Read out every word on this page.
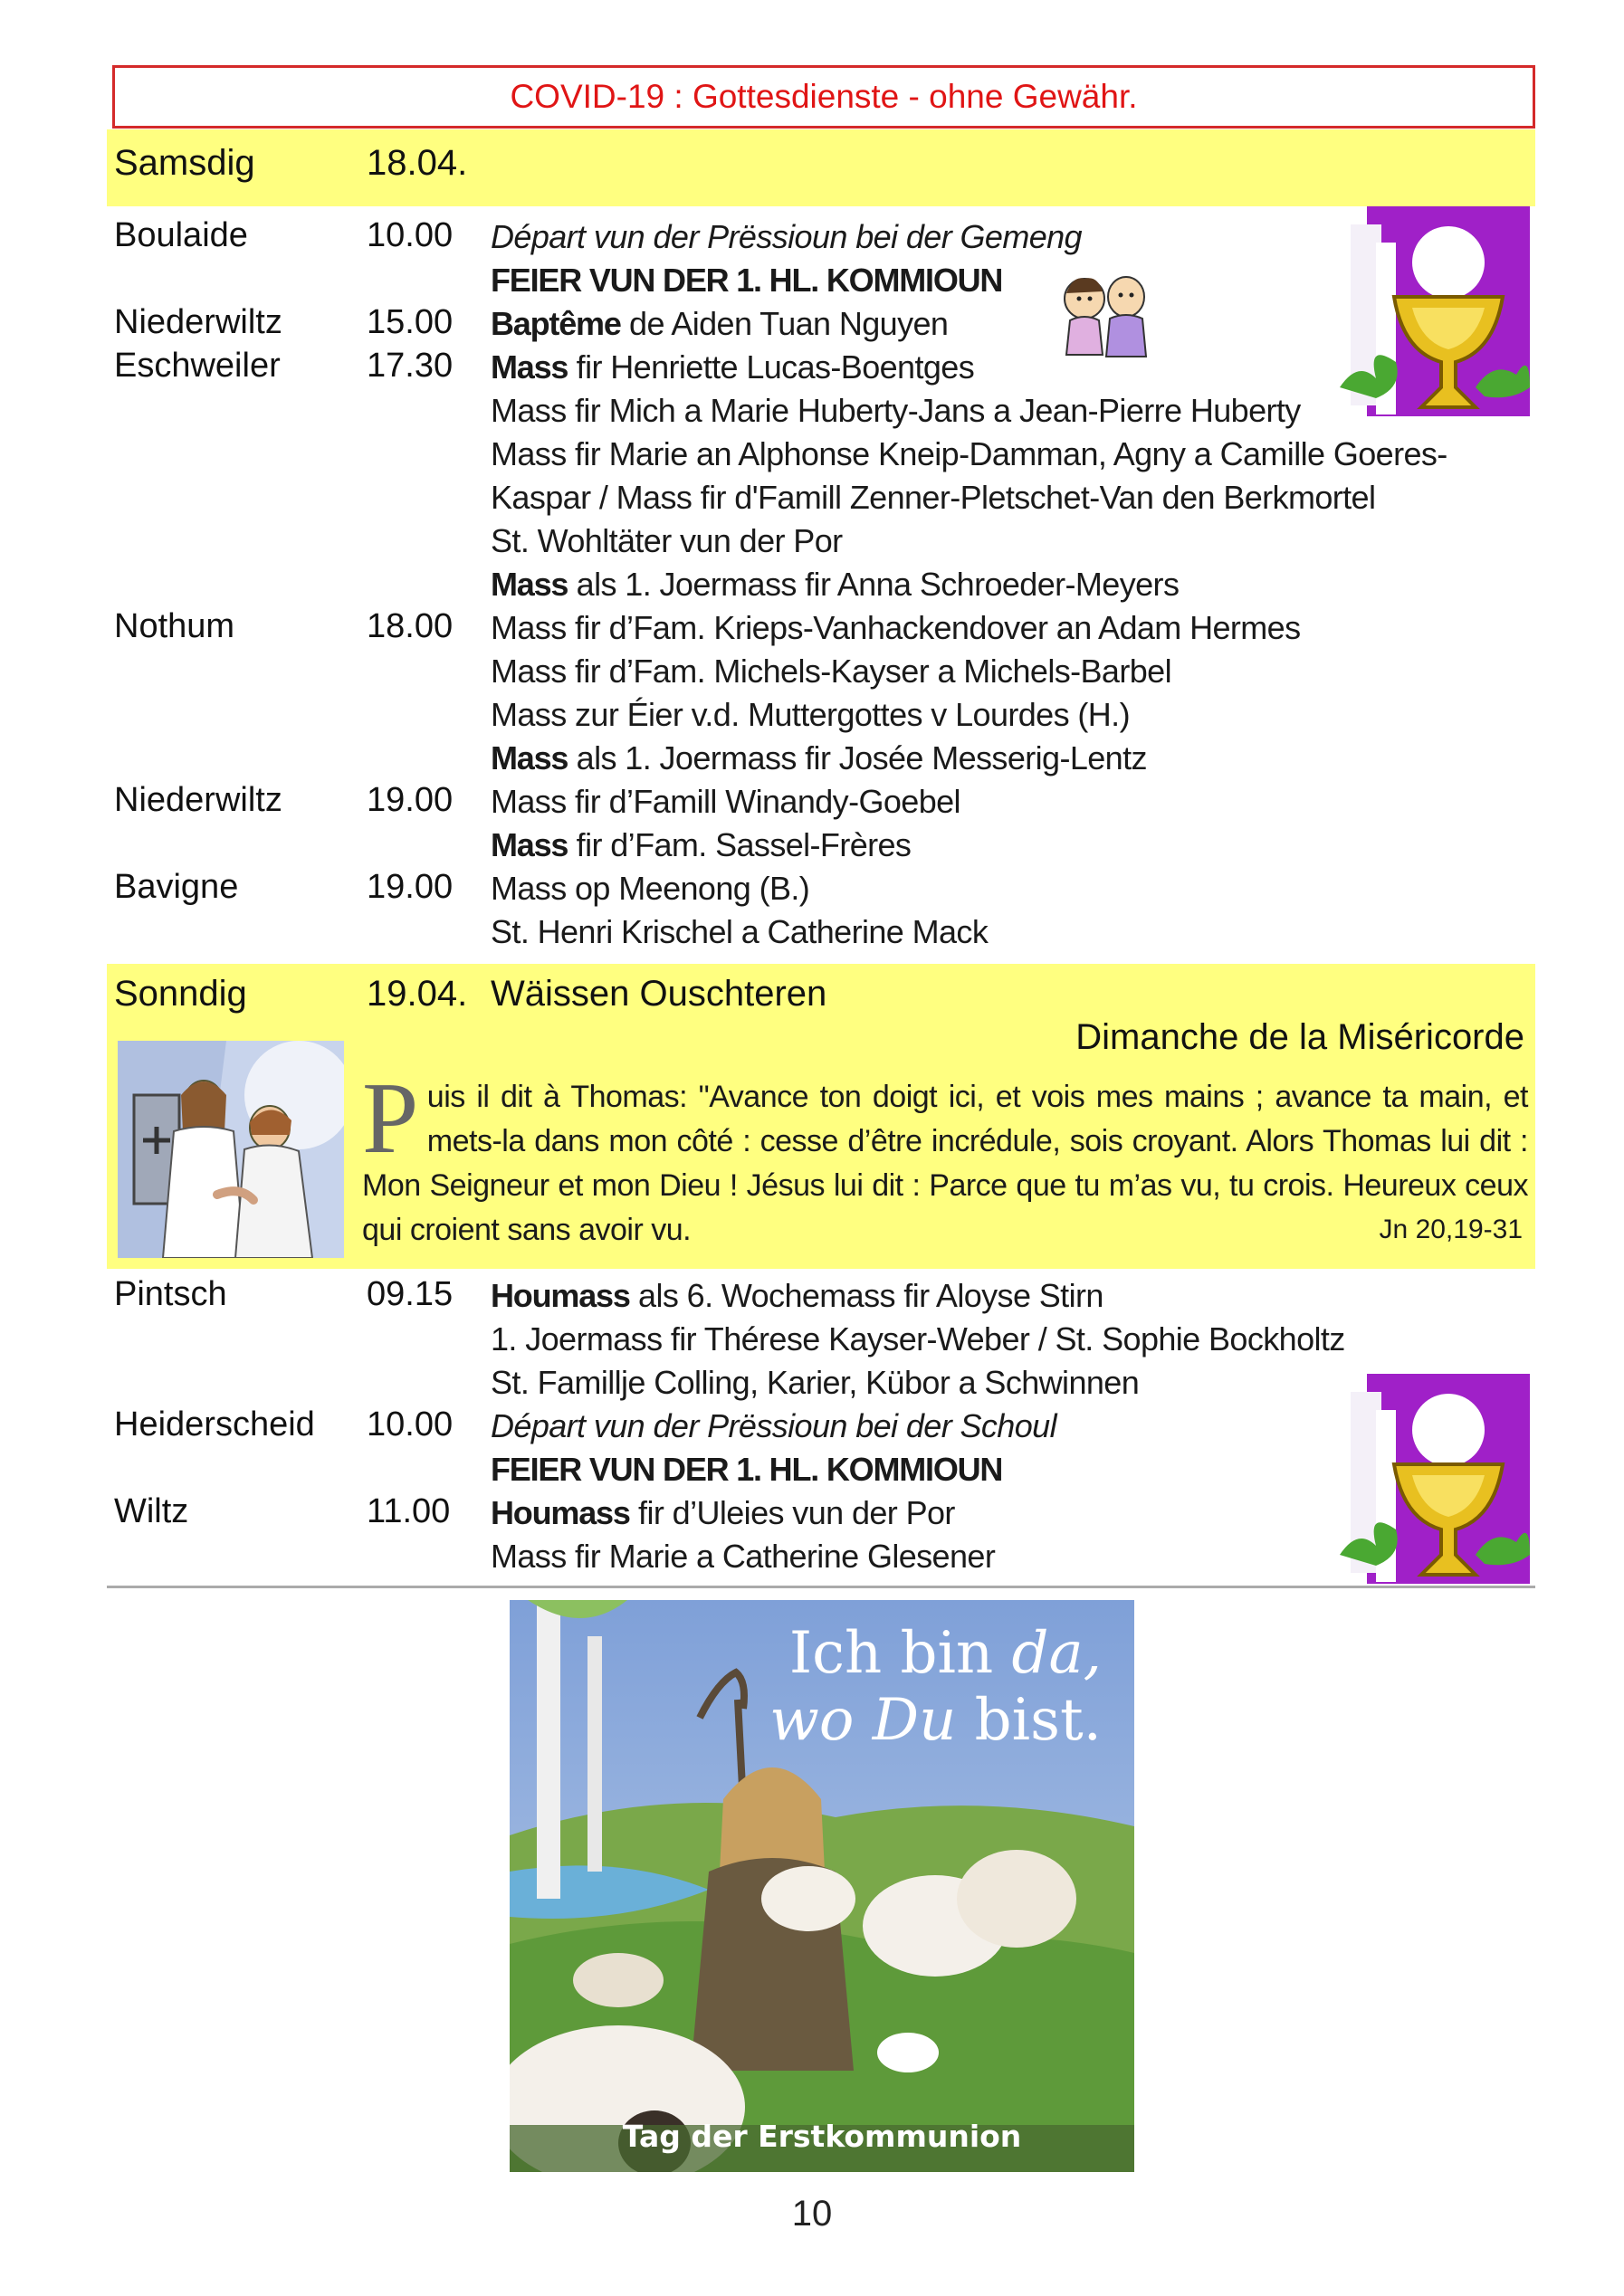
COVID-19 : Gottesdienste - ohne Gewähr.
Samsdig	18.04.
Boulaide	10.00 Départ vun der Prëssioun bei der Gemeng
FEIER VUN DER 1. HL. KOMMIOUN
Niederwiltz 15.00 Baptême de Aiden Tuan Nguyen
Eschweiler	17.30 Mass fir Henriette Lucas-Boentges
Mass fir Mich a Marie Huberty-Jans a Jean-Pierre Huberty
Mass fir Marie an Alphonse Kneip-Damman, Agny a Camille Goeres-
Kaspar / Mass fir d'Famill Zenner-Pletschet-Van den Berkmortel
St. Wohltäter vun der Por
Mass als 1. Joermass fir Anna Schroeder-Meyers
Nothum	18.00 Mass fir d’Fam. Krieps-Vanhackendover an Adam Hermes
Mass fir d’Fam. Michels-Kayser a Michels-Barbel
Mass zur Éier v.d. Muttergottes v Lourdes (H.)
Mass als 1. Joermass fir Josée Messerig-Lentz
Niederwiltz 19.00 Mass fir d’Famill Winandy-Goebel
Mass fir d’Fam. Sassel-Frères
Bavigne	19.00 Mass op Meenong (B.)
St. Henri Krischel a Catherine Mack
Sonndig	19.04. Wäissen Ouschteren
Dimanche de la Miséricorde
Puis il dit à Thomas: "Avance ton doigt ici, et vois mes mains ; avance ta main, et mets-la dans mon côté : cesse d’être incrédule, sois croyant. Alors Thomas lui dit : Mon Seigneur et mon Dieu ! Jésus lui dit : Parce que tu m’as vu, tu crois. Heureux ceux qui croient sans avoir vu.	Jn 20,19-31
Pintsch	09.15 Houmass als 6. Wochemass fir Aloyse Stirn
1. Joermass fir Thérese Kayser-Weber / St. Sophie Bockholtz
St. Familljе Colling, Karier, Kübor a Schwinnen
Heiderscheid 10.00 Départ vun der Prëssioun bei der Schoul
FEIER VUN DER 1. HL. KOMMIOUN
Wiltz	11.00 Houmass fir d’Uleies vun der Por
Mass fir Marie a Catherine Glesener
Ich bin da,
wo Du bist.
Tag der Erstkommunion
10
